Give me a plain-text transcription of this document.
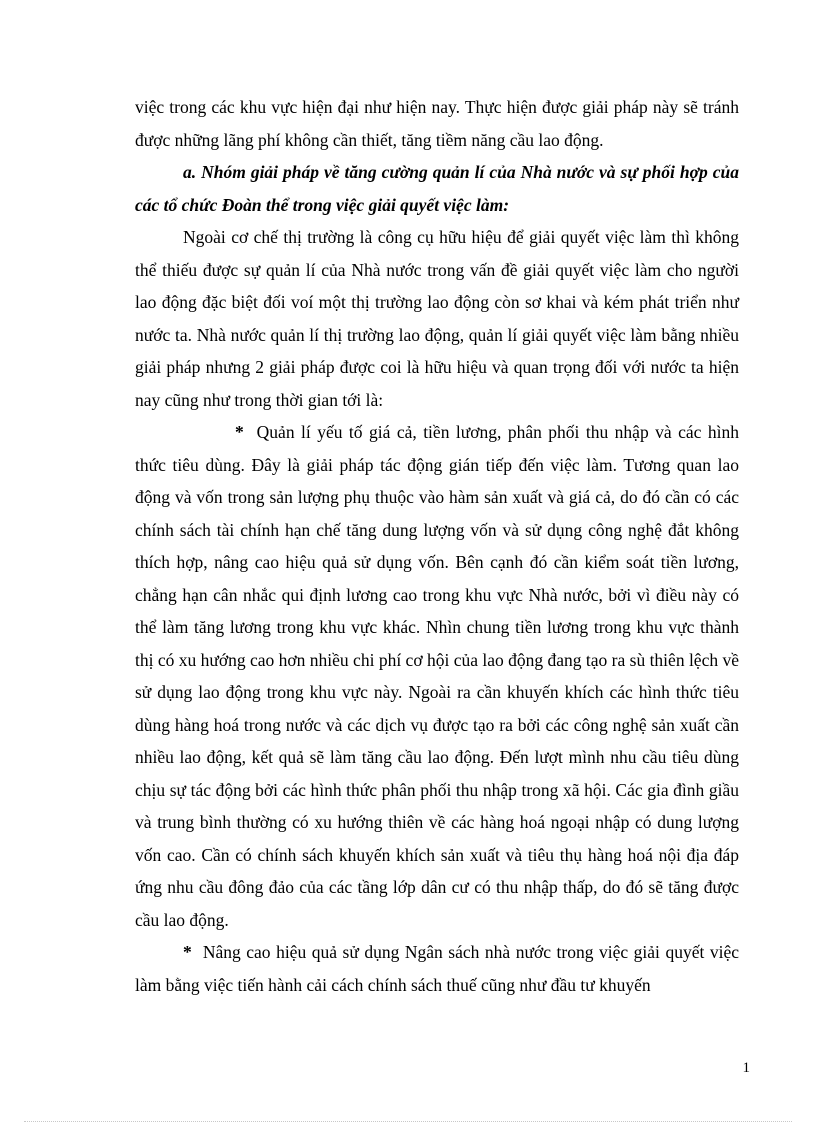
việc trong các khu vực hiện đại như hiện nay. Thực hiện được giải pháp này sẽ tránh được những lãng phí không cần thiết, tăng tiềm năng cầu lao động.

a. Nhóm giải pháp về tăng cường quản lí của Nhà nước và sự phối hợp của các tổ chức Đoàn thể trong việc giải quyết việc làm:

Ngoài cơ chế thị trường là công cụ hữu hiệu để giải quyết việc làm thì không thể thiếu được sự quản lí của Nhà nước trong vấn đề giải quyết việc làm cho người lao động đặc biệt đối voí một thị trường lao động còn sơ khai và kém phát triển như nước ta. Nhà nước quản lí thị trường lao động, quản lí giải quyết việc làm bằng nhiều giải pháp nhưng 2 giải pháp được coi là hữu hiệu và quan trọng đối với nước ta hiện nay cũng như trong thời gian tới là:

* Quản lí yếu tố giá cả, tiền lương, phân phối thu nhập và các hình thức tiêu dùng. Đây là giải pháp tác động gián tiếp đến việc làm. Tương quan lao động và vốn trong sản lượng phụ thuộc vào hàm sản xuất và giá cả, do đó cần có các chính sách tài chính hạn chế tăng dung lượng vốn và sử dụng công nghệ đắt không thích hợp, nâng cao hiệu quả sử dụng vốn. Bên cạnh đó cần kiểm soát tiền lương, chẳng hạn cân nhắc qui định lương cao trong khu vực Nhà nước, bởi vì điều này có thể làm tăng lương trong khu vực khác. Nhìn chung tiền lương trong khu vực thành thị có xu hướng cao hơn nhiều chi phí cơ hội của lao động đang tạo ra sù thiên lệch về sử dụng lao động trong khu vực này. Ngoài ra cần khuyến khích các hình thức tiêu dùng hàng hoá trong nước và các dịch vụ được tạo ra bởi các công nghệ sản xuất cần nhiều lao động, kết quả sẽ làm tăng cầu lao động. Đến lượt mình nhu cầu tiêu dùng chịu sự tác động bởi các hình thức phân phối thu nhập trong xã hội. Các gia đình giầu và trung bình thường có xu hướng thiên về các hàng hoá ngoại nhập có dung lượng vốn cao. Cần có chính sách khuyến khích sản xuất và tiêu thụ hàng hoá nội địa đáp ứng nhu cầu đông đảo của các tầng lớp dân cư có thu nhập thấp, do đó sẽ tăng được cầu lao động.

* Nâng cao hiệu quả sử dụng Ngân sách nhà nước trong việc giải quyết việc làm bằng việc tiến hành cải cách chính sách thuế cũng như đầu tư khuyến

1
